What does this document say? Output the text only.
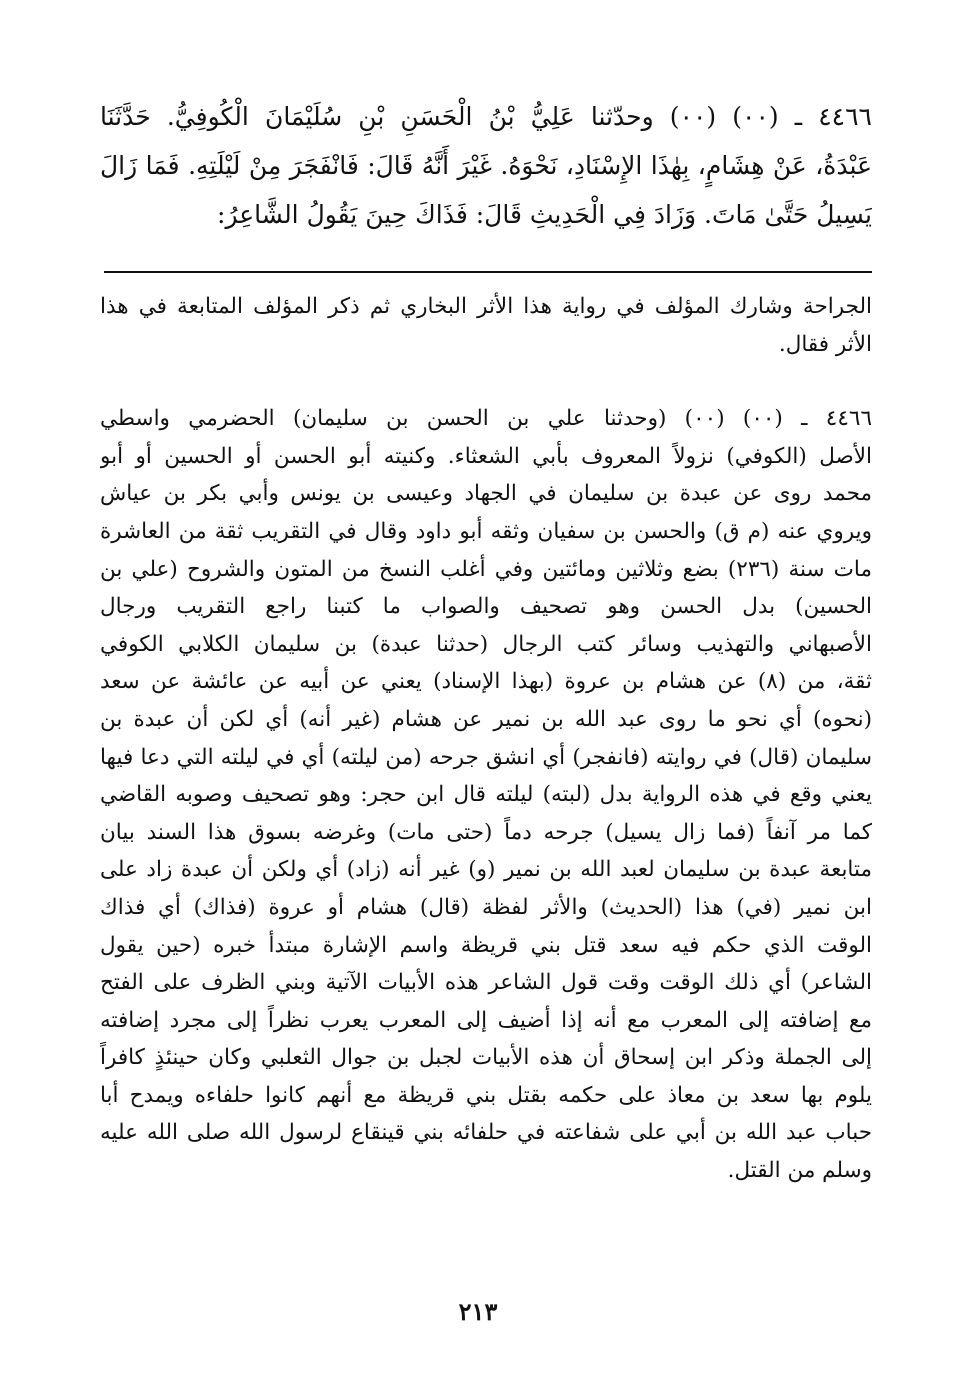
٤٤٦٦ ـ (٠٠) (٠٠) وحدّثنا عَلِيُّ بْنُ الْحَسَنِ بْنِ سُلَيْمَانَ الْكُوفِيُّ. حَدَّثَنَا
عَبْدَةُ، عَنْ هِشَامٍ، بِهٰذَا الإِسْنَادِ، نَحْوَهُ. غَيْرَ أَنَّهُ قَالَ: فَانْفَجَرَ مِنْ لَيْلَتِهِ. فَمَا زَالَ
يَسِيلُ حَتَّىٰ مَاتَ. وَزَادَ فِي الْحَدِيثِ قَالَ: فَذَاكَ حِينَ يَقُولُ الشَّاعِرُ:
الجراحة وشارك المؤلف في رواية هذا الأثر البخاري ثم ذكر المؤلف المتابعة في هذا
الأثر فقال.
٤٤٦٦ ـ (٠٠) (٠٠) (وحدثنا علي بن الحسن بن سليمان) الحضرمي واسطي
الأصل (الكوفي) نزولاً المعروف بأبي الشعثاء. وكنيته أبو الحسن أو الحسين أو أبو
محمد روى عن عبدة بن سليمان في الجهاد وعيسى بن يونس وأبي بكر بن عياش
ويروي عنه (م ق) والحسن بن سفيان وثقه أبو داود وقال في التقريب ثقة من العاشرة
مات سنة (٢٣٦) بضع وثلاثين ومائتين وفي أغلب النسخ من المتون والشروح (علي بن
الحسين) بدل الحسن وهو تصحيف والصواب ما كتبنا راجع التقريب ورجال
الأصبهاني والتهذيب وسائر كتب الرجال (حدثنا عبدة) بن سليمان الكلابي الكوفي
ثقة، من (٨) عن هشام بن عروة (بهذا الإسناد) يعني عن أبيه عن عائشة عن سعد
(نحوه) أي نحو ما روى عبد الله بن نمير عن هشام (غير أنه) أي لكن أن عبدة بن
سليمان (قال) في روايته (فانفجر) أي انشق جرحه (من ليلته) أي في ليلته التي دعا فيها
يعني وقع في هذه الرواية بدل (لبته) ليلته قال ابن حجر: وهو تصحيف وصوبه القاضي
كما مر آنفاً (فما زال يسيل) جرحه دماً (حتى مات) وغرضه بسوق هذا السند بيان
متابعة عبدة بن سليمان لعبد الله بن نمير (و) غير أنه (زاد) أي ولكن أن عبدة زاد على
ابن نمير (في) هذا (الحديث) والأثر لفظة (قال) هشام أو عروة (فذاك) أي فذاك
الوقت الذي حكم فيه سعد قتل بني قريظة واسم الإشارة مبتدأ خبره (حين يقول
الشاعر) أي ذلك الوقت وقت قول الشاعر هذه الأبيات الآتية وبني الظرف على الفتح
مع إضافته إلى المعرب مع أنه إذا أضيف إلى المعرب يعرب نظراً إلى مجرد إضافته
إلى الجملة وذكر ابن إسحاق أن هذه الأبيات لجبل بن جوال الثعلبي وكان حينئذٍ كافراً
يلوم بها سعد بن معاذ على حكمه بقتل بني قريظة مع أنهم كانوا حلفاءه ويمدح أبا
حباب عبد الله بن أبي على شفاعته في حلفائه بني قينقاع لرسول الله صلى الله عليه
وسلم من القتل.
٢١٣
